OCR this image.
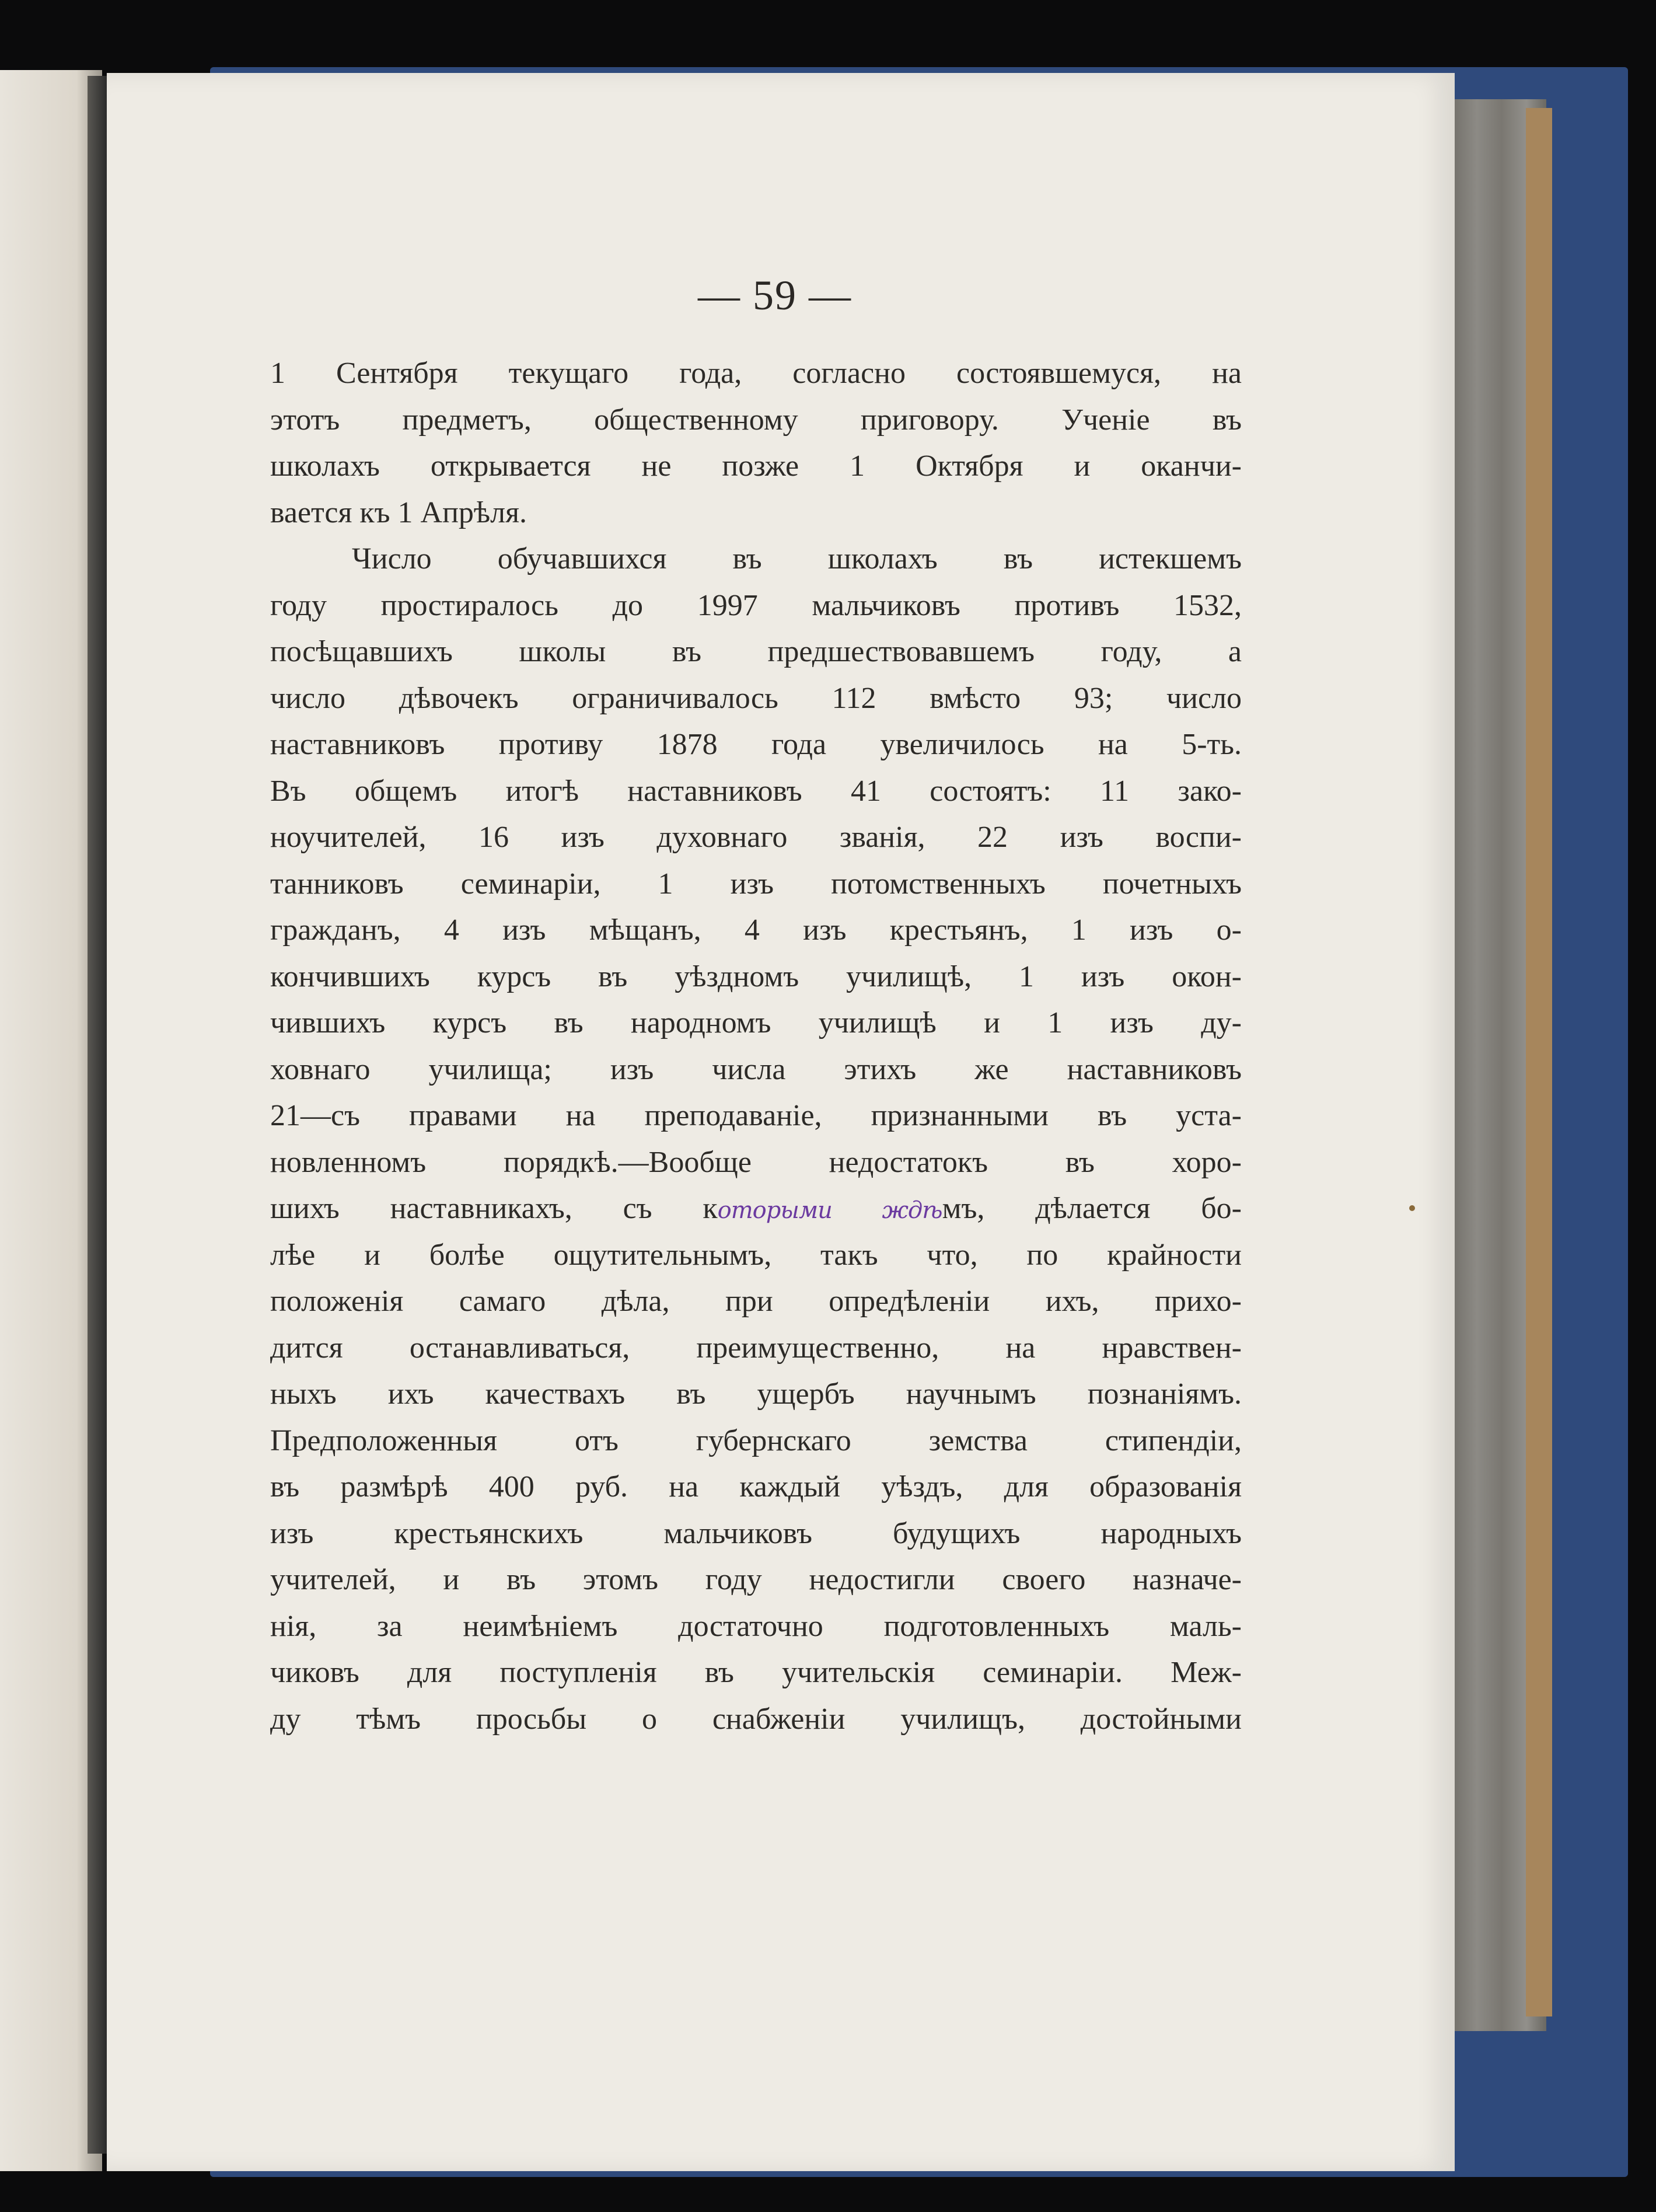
— 59 —
1 Сентября текущаго года, согласно состоявшемуся, на
этотъ предметъ, общественному приговору. Ученіе въ
школахъ открывается не позже 1 Октября и оканчи-
вается къ 1 Апрѣля.
Число обучавшихся въ школахъ въ истекшемъ
году простиралось до 1997 мальчиковъ противъ 1532,
посѣщавшихъ школы въ предшествовавшемъ году, а
число дѣвочекъ ограничивалось 112 вмѣсто 93; число
наставниковъ противу 1878 года увеличилось на 5-ть.
Въ общемъ итогѣ наставниковъ 41 состоятъ: 11 зако-
ноучителей, 16 изъ духовнаго званія, 22 изъ воспи-
танниковъ семинаріи, 1 изъ потомственныхъ почетныхъ
гражданъ, 4 изъ мѣщанъ, 4 изъ крестьянъ, 1 изъ о-
кончившихъ курсъ въ уѣздномъ училищѣ, 1 изъ окон-
чившихъ курсъ въ народномъ училищѣ и 1 изъ ду-
ховнаго училища; изъ числа этихъ же наставниковъ
21—съ правами на преподаваніе, признанными въ уста-
новленномъ порядкѣ.—Вообще недостатокъ въ хоро-
шихъ наставникахъ, съ которыми ждѣмъ, дѣлается бо-
лѣе и болѣе ощутительнымъ, такъ что, по крайности
положенія самаго дѣла, при опредѣленіи ихъ, прихо-
дится останавливаться, преимущественно, на нравствен-
ныхъ ихъ качествахъ въ ущербъ научнымъ познаніямъ.
Предположенныя отъ губернскаго земства стипендіи,
въ размѣрѣ 400 руб. на каждый уѣздъ, для образованія
изъ крестьянскихъ мальчиковъ будущихъ народныхъ
учителей, и въ этомъ году недостигли своего назначе-
нія, за неимѣніемъ достаточно подготовленныхъ маль-
чиковъ для поступленія въ учительскія семинаріи. Меж-
ду тѣмъ просьбы о снабженіи училищъ, достойными
